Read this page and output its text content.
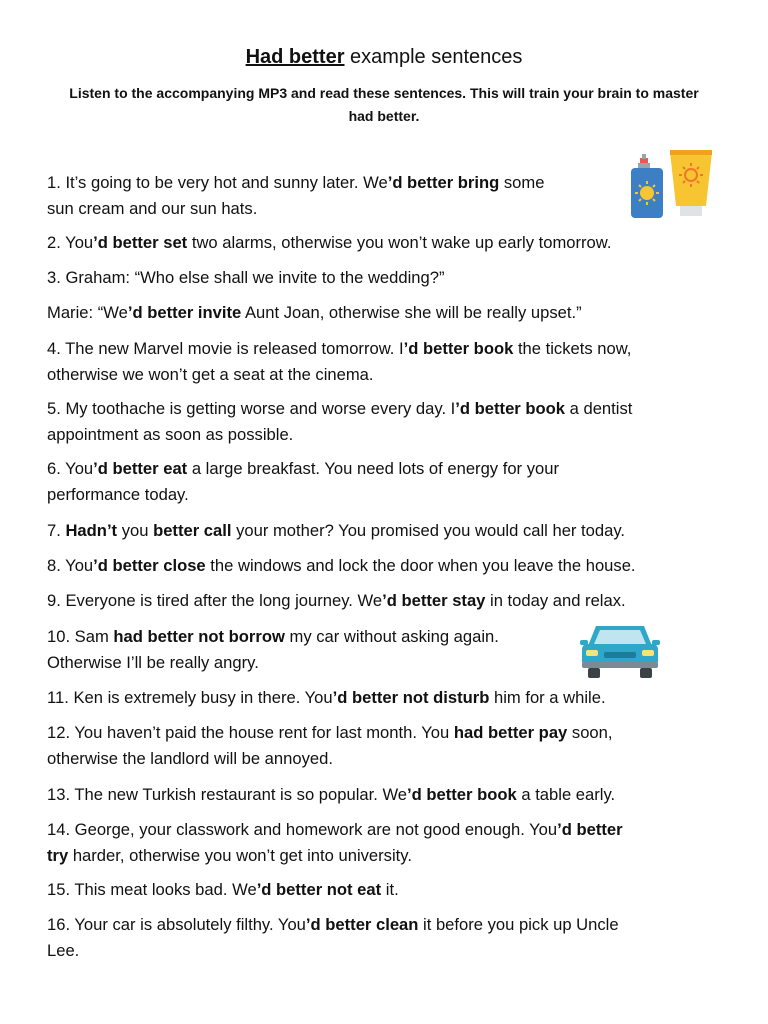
Had better example sentences
Listen to the accompanying MP3 and read these sentences. This will train your brain to master had better.

1. It’s going to be very hot and sunny later. We’d better bring some
sun cream and our sun hats.

2. You’d better set two alarms, otherwise you won’t wake up early tomorrow.

3. Graham: “Who else shall we invite to the wedding?”

Marie: “We’d better invite Aunt Joan, otherwise she will be really upset.”

4. The new Marvel movie is released tomorrow. I’d better book the tickets now,
otherwise we won’t get a seat at the cinema.

5. My toothache is getting worse and worse every day. I’d better book a dentist
appointment as soon as possible.

6. You’d better eat a large breakfast. You need lots of energy for your
performance today.

7. Hadn’t you better call your mother? You promised you would call her today.

8. You’d better close the windows and lock the door when you leave the house.

9. Everyone is tired after the long journey. We’d better stay in today and relax.

10. Sam had better not borrow my car without asking again.
Otherwise I’ll be really angry.

11. Ken is extremely busy in there. You’d better not disturb him for a while.

12. You haven’t paid the house rent for last month. You had better pay soon,
otherwise the landlord will be annoyed.

13. The new Turkish restaurant is so popular. We’d better book a table early.

14. George, your classwork and homework are not good enough. You’d better
try harder, otherwise you won’t get into university.

15. This meat looks bad. We’d better not eat it.

16. Your car is absolutely filthy. You’d better clean it before you pick up Uncle
Lee.
